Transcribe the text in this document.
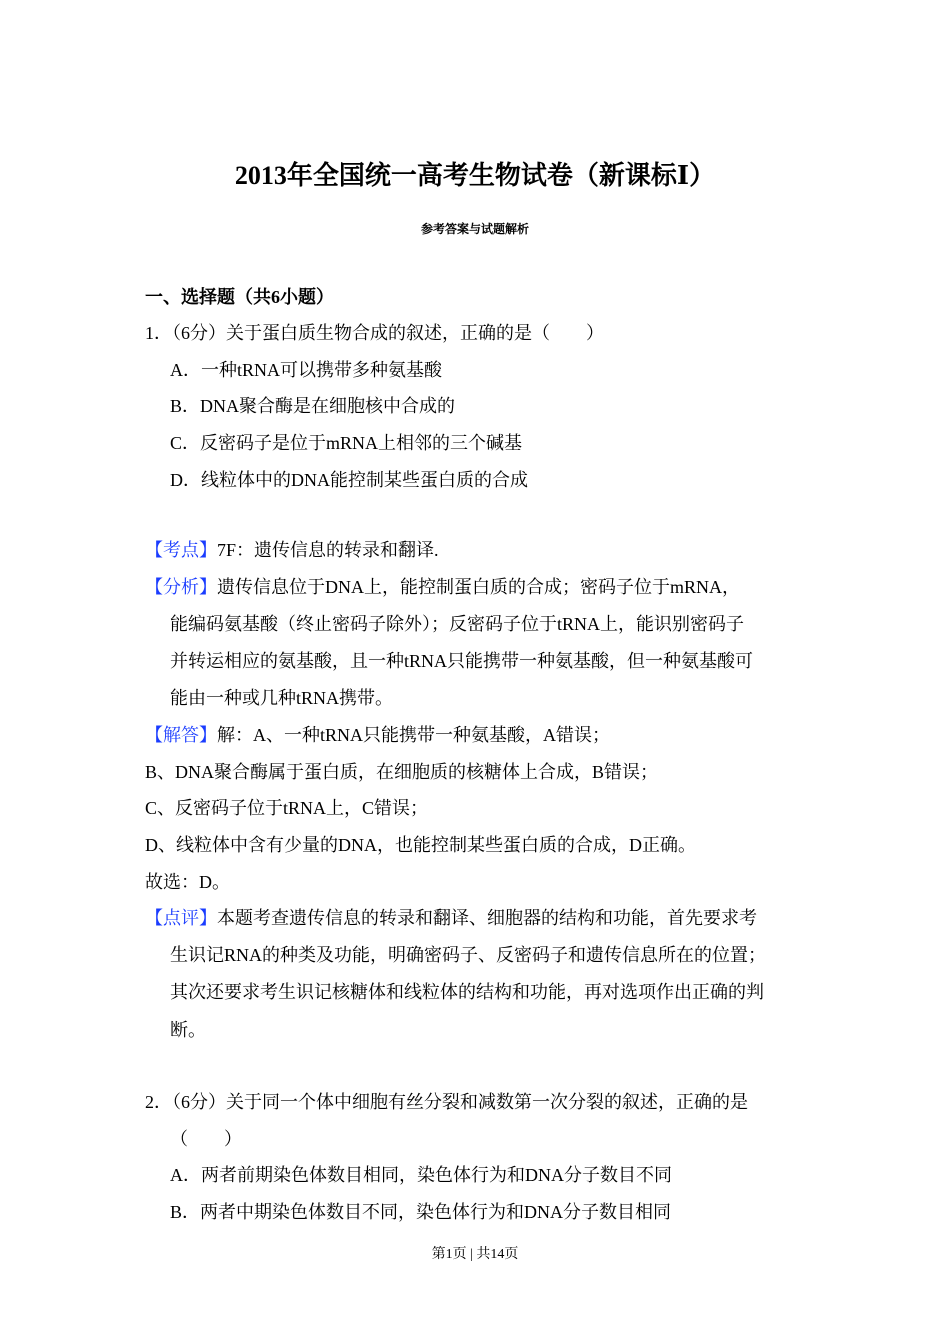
2013年全国统一高考生物试卷（新课标Ⅰ）
参考答案与试题解析
一、选择题（共6小题）
1．（6分）关于蛋白质生物合成的叙述，正确的是（　　）
A．一种tRNA可以携带多种氨基酸
B．DNA聚合酶是在细胞核中合成的
C．反密码子是位于mRNA上相邻的三个碱基
D．线粒体中的DNA能控制某些蛋白质的合成
【考点】7F：遗传信息的转录和翻译.
【分析】遗传信息位于DNA上，能控制蛋白质的合成；密码子位于mRNA，
能编码氨基酸（终止密码子除外）；反密码子位于tRNA上，能识别密码子
并转运相应的氨基酸，且一种tRNA只能携带一种氨基酸，但一种氨基酸可
能由一种或几种tRNA携带。
【解答】解：A、一种tRNA只能携带一种氨基酸，A错误；
B、DNA聚合酶属于蛋白质，在细胞质的核糖体上合成，B错误；
C、反密码子位于tRNA上，C错误；
D、线粒体中含有少量的DNA，也能控制某些蛋白质的合成，D正确。
故选：D。
【点评】本题考查遗传信息的转录和翻译、细胞器的结构和功能，首先要求考
生识记RNA的种类及功能，明确密码子、反密码子和遗传信息所在的位置；
其次还要求考生识记核糖体和线粒体的结构和功能，再对选项作出正确的判
断。
2．（6分）关于同一个体中细胞有丝分裂和减数第一次分裂的叙述，正确的是
（　　）
A．两者前期染色体数目相同，染色体行为和DNA分子数目不同
B．两者中期染色体数目不同，染色体行为和DNA分子数目相同
第1页 | 共14页
